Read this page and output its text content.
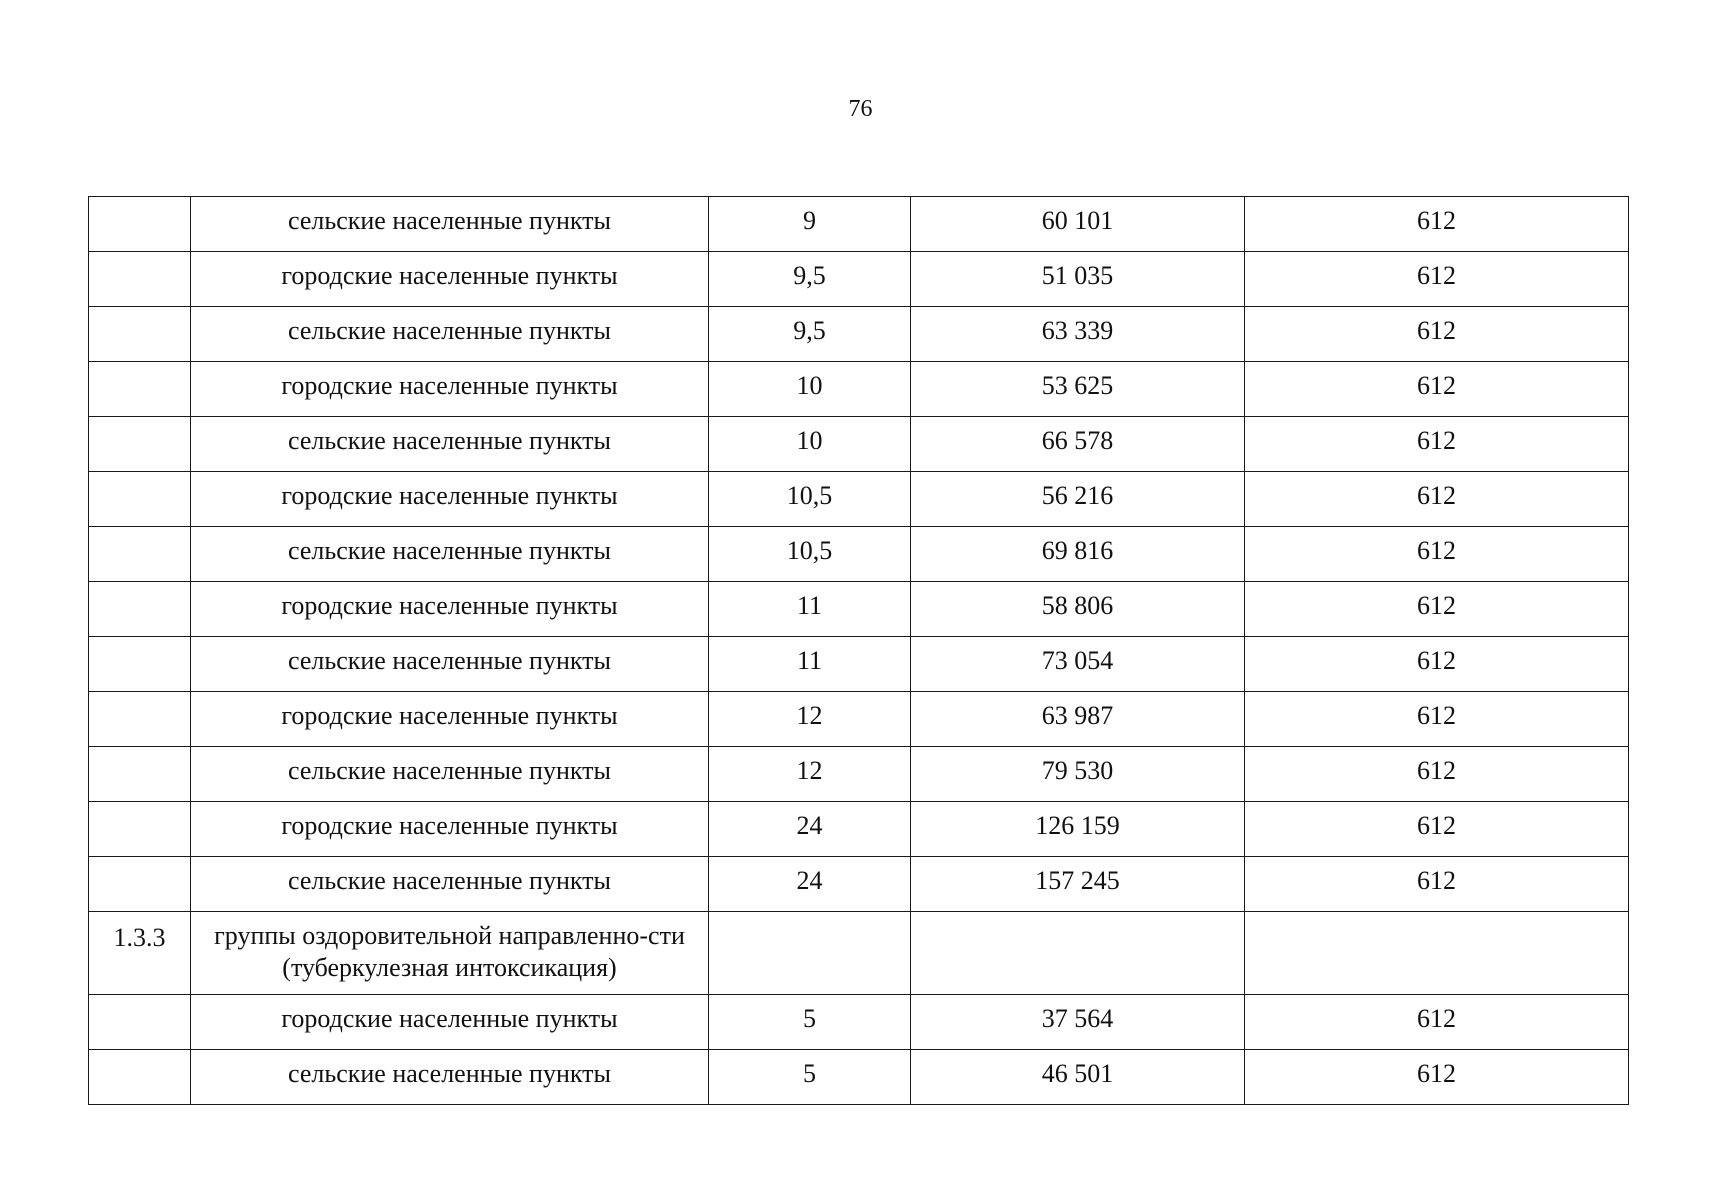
76

	сельские населенные пункты	9	60 101	612

	городские населенные пункты	9,5	51 035	612

	сельские населенные пункты	9,5	63 339	612

	городские населенные пункты	10	53 625	612

	сельские населенные пункты	10	66 578	612

	городские населенные пункты	10,5	56 216	612

	сельские населенные пункты	10,5	69 816	612

	городские населенные пункты	11	58 806	612

	сельские населенные пункты	11	73 054	612

	городские населенные пункты	12	63 987	612

	сельские населенные пункты	12	79 530	612

	городские населенные пункты	24	126 159	612

	сельские населенные пункты	24	157 245	612

1.3.3	группы оздоровительной направленно-сти (туберкулезная интоксикация)			

	городские населенные пункты	5	37 564	612

	сельские населенные пункты	5	46 501	612
